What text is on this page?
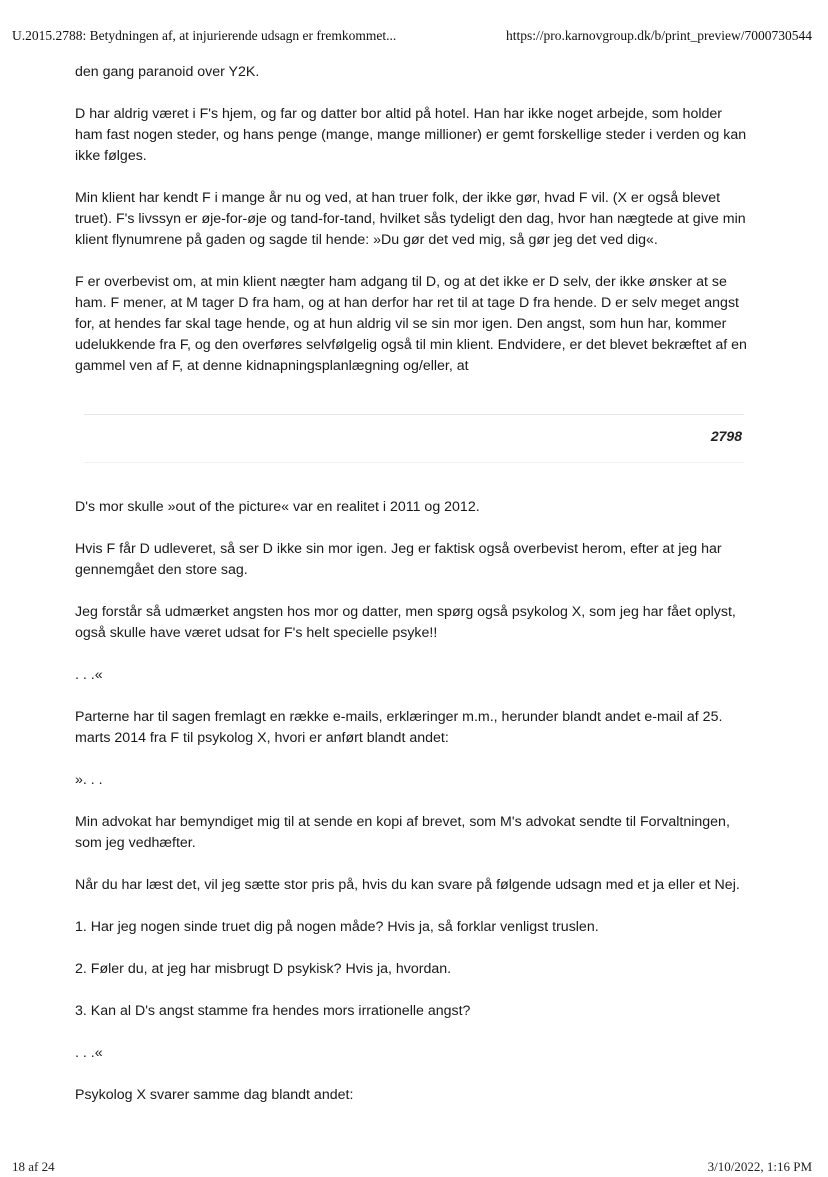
U.2015.2788: Betydningen af, at injurierende udsagn er fremkommet...	https://pro.karnovgroup.dk/b/print_preview/7000730544

den gang paranoid over Y2K.

D har aldrig været i F's hjem, og far og datter bor altid på hotel. Han har ikke noget arbejde, som holder ham fast nogen steder, og hans penge (mange, mange millioner) er gemt forskellige steder i verden og kan ikke følges.

Min klient har kendt F i mange år nu og ved, at han truer folk, der ikke gør, hvad F vil. (X er også blevet truet). F's livssyn er øje-for-øje og tand-for-tand, hvilket sås tydeligt den dag, hvor han nægtede at give min klient flynumrene på gaden og sagde til hende: »Du gør det ved mig, så gør jeg det ved dig«.

F er overbevist om, at min klient nægter ham adgang til D, og at det ikke er D selv, der ikke ønsker at se ham. F mener, at M tager D fra ham, og at han derfor har ret til at tage D fra hende. D er selv meget angst for, at hendes far skal tage hende, og at hun aldrig vil se sin mor igen. Den angst, som hun har, kommer udelukkende fra F, og den overføres selvfølgelig også til min klient. Endvidere, er det blevet bekræftet af en gammel ven af F, at denne kidnapningsplanlægning og/eller, at

2798

D's mor skulle »out of the picture« var en realitet i 2011 og 2012.

Hvis F får D udleveret, så ser D ikke sin mor igen. Jeg er faktisk også overbevist herom, efter at jeg har gennemgået den store sag.

Jeg forstår så udmærket angsten hos mor og datter, men spørg også psykolog X, som jeg har fået oplyst, også skulle have været udsat for F's helt specielle psyke!!

. . .«

Parterne har til sagen fremlagt en række e-mails, erklæringer m.m., herunder blandt andet e-mail af 25. marts 2014 fra F til psykolog X, hvori er anført blandt andet:

». . .

Min advokat har bemyndiget mig til at sende en kopi af brevet, som M's advokat sendte til Forvaltningen, som jeg vedhæfter.

Når du har læst det, vil jeg sætte stor pris på, hvis du kan svare på følgende udsagn med et ja eller et Nej.

1. Har jeg nogen sinde truet dig på nogen måde? Hvis ja, så forklar venligst truslen.

2. Føler du, at jeg har misbrugt D psykisk? Hvis ja, hvordan.

3. Kan al D's angst stamme fra hendes mors irrationelle angst?

. . .«

Psykolog X svarer samme dag blandt andet:

18 af 24	3/10/2022, 1:16 PM
